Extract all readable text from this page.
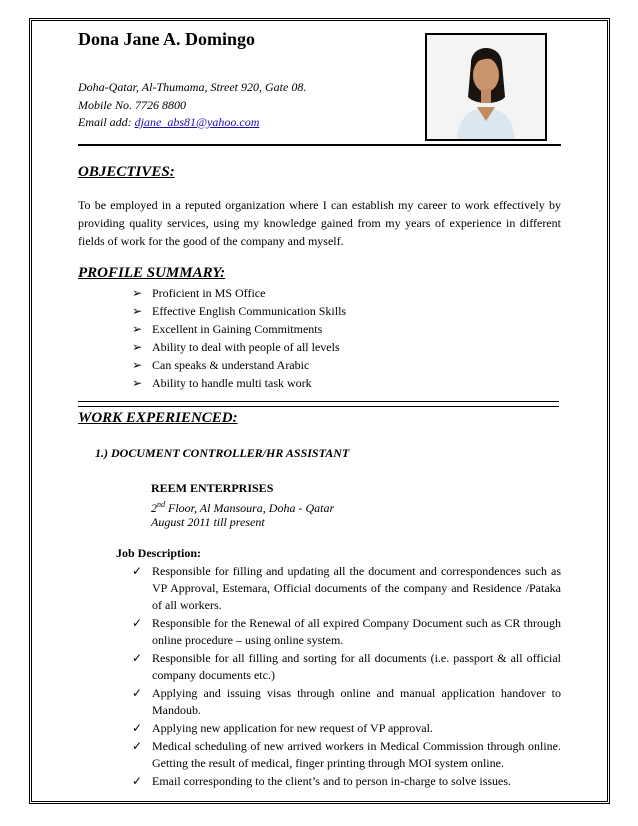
Dona Jane A. Domingo
Doha-Qatar, Al-Thumama, Street 920, Gate 08.
Mobile No. 7726 8800
Email add: djane_abs81@yahoo.com
OBJECTIVES:
To be employed in a reputed organization where I can establish my career to work effectively by providing quality services, using my knowledge gained from my years of experience in different fields of work for the good of the company and myself.
PROFILE SUMMARY:
➢ Proficient in MS Office
➢ Effective English Communication Skills
➢ Excellent in Gaining Commitments
➢ Ability to deal with people of all levels
➢ Can speaks & understand Arabic
➢ Ability to handle multi task work
WORK EXPERIENCED:
1.) DOCUMENT CONTROLLER/HR ASSISTANT
REEM ENTERPRISES
2nd Floor, Al Mansoura, Doha - Qatar
August 2011 till present
Job Description:
✓ Responsible for filling and updating all the document and correspondences such as VP Approval, Estemara, Official documents of the company and Residence /Pataka of all workers.
✓ Responsible for the Renewal of all expired Company Document such as CR through online procedure – using online system.
✓ Responsible for all filling and sorting for all documents (i.e. passport & all official company documents etc.)
✓ Applying and issuing visas through online and manual application handover to Mandoub.
✓ Applying new application for new request of VP approval.
✓ Medical scheduling of new arrived workers in Medical Commission through online. Getting the result of medical, finger printing through MOI system online.
✓ Email corresponding to the client’s and to person in-charge to solve issues.
